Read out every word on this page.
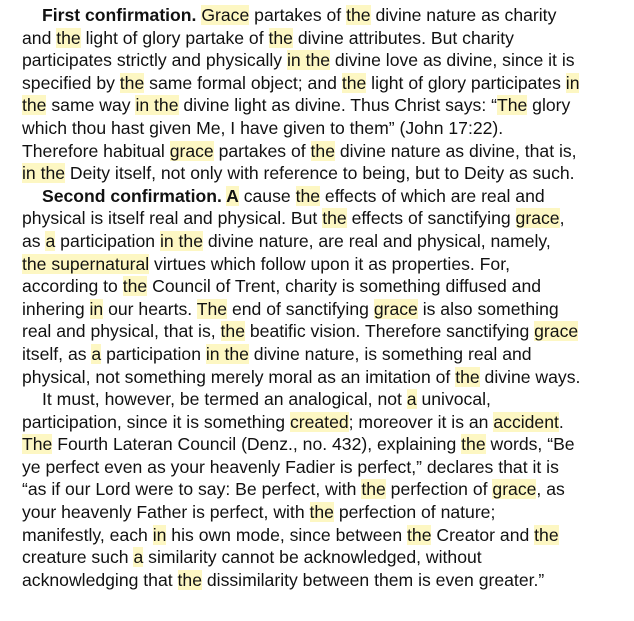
First confirmation. Grace partakes of the divine nature as charity
and the light of glory partake of the divine attributes. But charity
participates strictly and physically in the divine love as divine, since it is
specified by the same formal object; and the light of glory participates in
the same way in the divine light as divine. Thus Christ says: “The glory
which thou hast given Me, I have given to them” (John 17:22).
Therefore habitual grace partakes of the divine nature as divine, that is,
in the Deity itself, not only with reference to being, but to Deity as such.
Second confirmation. A cause the effects of which are real and
physical is itself real and physical. But the effects of sanctifying grace,
as a participation in the divine nature, are real and physical, namely,
the supernatural virtues which follow upon it as properties. For,
according to the Council of Trent, charity is something diffused and
inhering in our hearts. The end of sanctifying grace is also something
real and physical, that is, the beatific vision. Therefore sanctifying grace
itself, as a participation in the divine nature, is something real and
physical, not something merely moral as an imitation of the divine ways.
It must, however, be termed an analogical, not a univocal,
participation, since it is something created; moreover it is an accident.
The Fourth Lateran Council (Denz., no. 432), explaining the words, “Be
ye perfect even as your heavenly Fadier is perfect,” declares that it is
“as if our Lord were to say: Be perfect, with the perfection of grace, as
your heavenly Father is perfect, with the perfection of nature;
manifestly, each in his own mode, since between the Creator and the
creature such a similarity cannot be acknowledged, without
acknowledging that the dissimilarity between them is even greater.”
